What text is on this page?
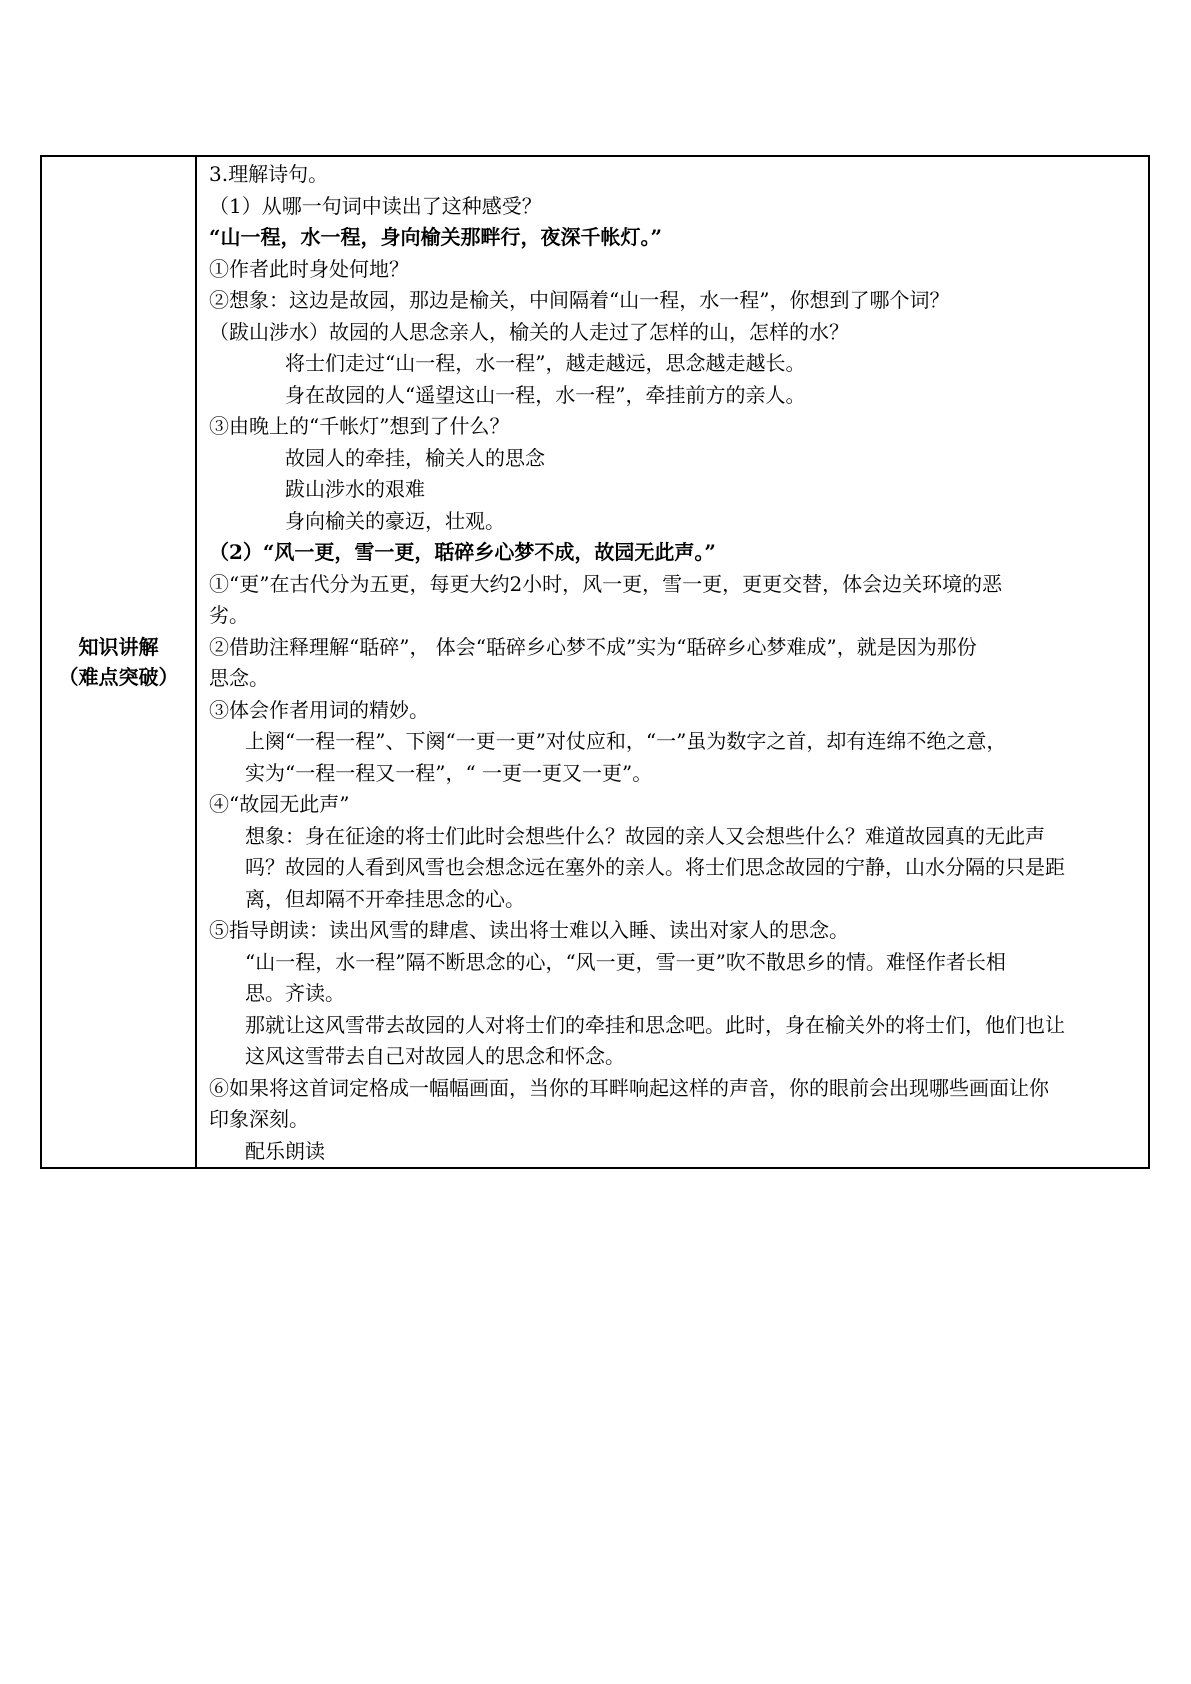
知识讲解
（难点突破）

3.理解诗句。
（1）从哪一句词中读出了这种感受？
“山一程，水一程，身向榆关那畔行，夜深千帐灯。”
①作者此时身处何地？
②想象：这边是故园，那边是榆关，中间隔着“山一程，水一程”，你想到了哪个词？
（跋山涉水）故园的人思念亲人，榆关的人走过了怎样的山，怎样的水？
将士们走过“山一程，水一程”，越走越远，思念越走越长。
身在故园的人“遥望这山一程，水一程”，牵挂前方的亲人。
③由晚上的“千帐灯”想到了什么？
故园人的牵挂，榆关人的思念
跋山涉水的艰难
身向榆关的豪迈，壮观。
（2）“风一更，雪一更，聒碎乡心梦不成，故园无此声。”
①“更”在古代分为五更，每更大约2小时，风一更，雪一更，更更交替，体会边关环境的恶
劣。
②借助注释理解“聒碎”， 体会“聒碎乡心梦不成”实为“聒碎乡心梦难成”，就是因为那份
思念。
③体会作者用词的精妙。
上阕“一程一程”、下阕“一更一更”对仗应和，“一”虽为数字之首，却有连绵不绝之意，
实为“一程一程又一程”，“ 一更一更又一更”。
④“故园无此声”
想象：身在征途的将士们此时会想些什么？故园的亲人又会想些什么？难道故园真的无此声
吗？故园的人看到风雪也会想念远在塞外的亲人。将士们思念故园的宁静，山水分隔的只是距
离，但却隔不开牵挂思念的心。
⑤指导朗读：读出风雪的肆虐、读出将士难以入睡、读出对家人的思念。
“山一程，水一程”隔不断思念的心，“风一更，雪一更”吹不散思乡的情。难怪作者长相
思。齐读。
那就让这风雪带去故园的人对将士们的牵挂和思念吧。此时，身在榆关外的将士们，他们也让
这风这雪带去自己对故园人的思念和怀念。
⑥如果将这首词定格成一幅幅画面，当你的耳畔响起这样的声音，你的眼前会出现哪些画面让你
印象深刻。
配乐朗读
